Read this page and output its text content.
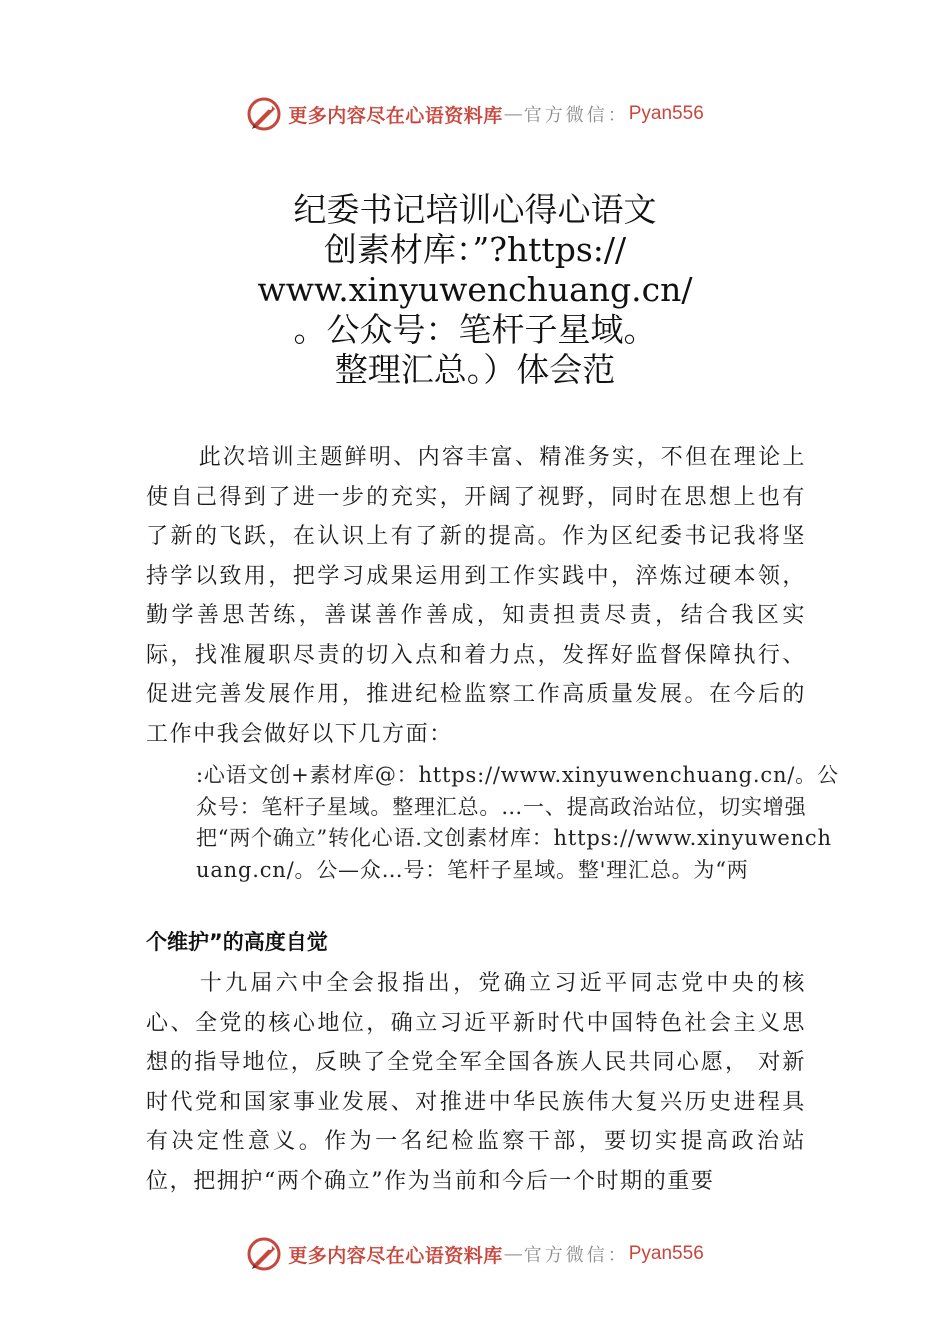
更多内容尽在心语资料库 — 官方微信： Pyan556
纪委书记培训心得心语文
创素材库：”?https://
www.xinyuwenchuang.cn/
。公众号：笔杆子星域。
整理汇总。）体会范
此次培训主题鲜明、内容丰富、精准务实，不但在理论上使自己得到了进一步的充实，开阔了视野，同时在思想上也有了新的飞跃，在认识上有了新的提高。作为区纪委书记我将坚持学以致用，把学习成果运用到工作实践中，淬炼过硬本领，勤学善思苦练，善谋善作善成，知责担责尽责，结合我区实际，找准履职尽责的切入点和着力点，发挥好监督保障执行、促进完善发展作用，推进纪检监察工作高质量发展。在今后的工作中我会做好以下几方面：
:心语文创+素材库@：https://www.xinyuwenchuang.cn/。公众号：笔杆子星域。整理汇总。…一、提高政治站位，切实增强把“两个确立”转化心语.文创素材库：https://www.xinyuwenchuang.cn/。公—众…号：笔杆子星域。整'理汇总。为“两
个维护”的高度自觉
十九届六中全会报指出，党确立习近平同志党中央的核心、全党的核心地位，确立习近平新时代中国特色社会主义思想的指导地位，反映了全党全军全国各族人民共同心愿， 对新时代党和国家事业发展、对推进中华民族伟大复兴历史进程具有决定性意义。作为一名纪检监察干部，要切实提高政治站位，把拥护“两个确立”作为当前和今后一个时期的重要
更多内容尽在心语资料库 — 官方微信： Pyan556
